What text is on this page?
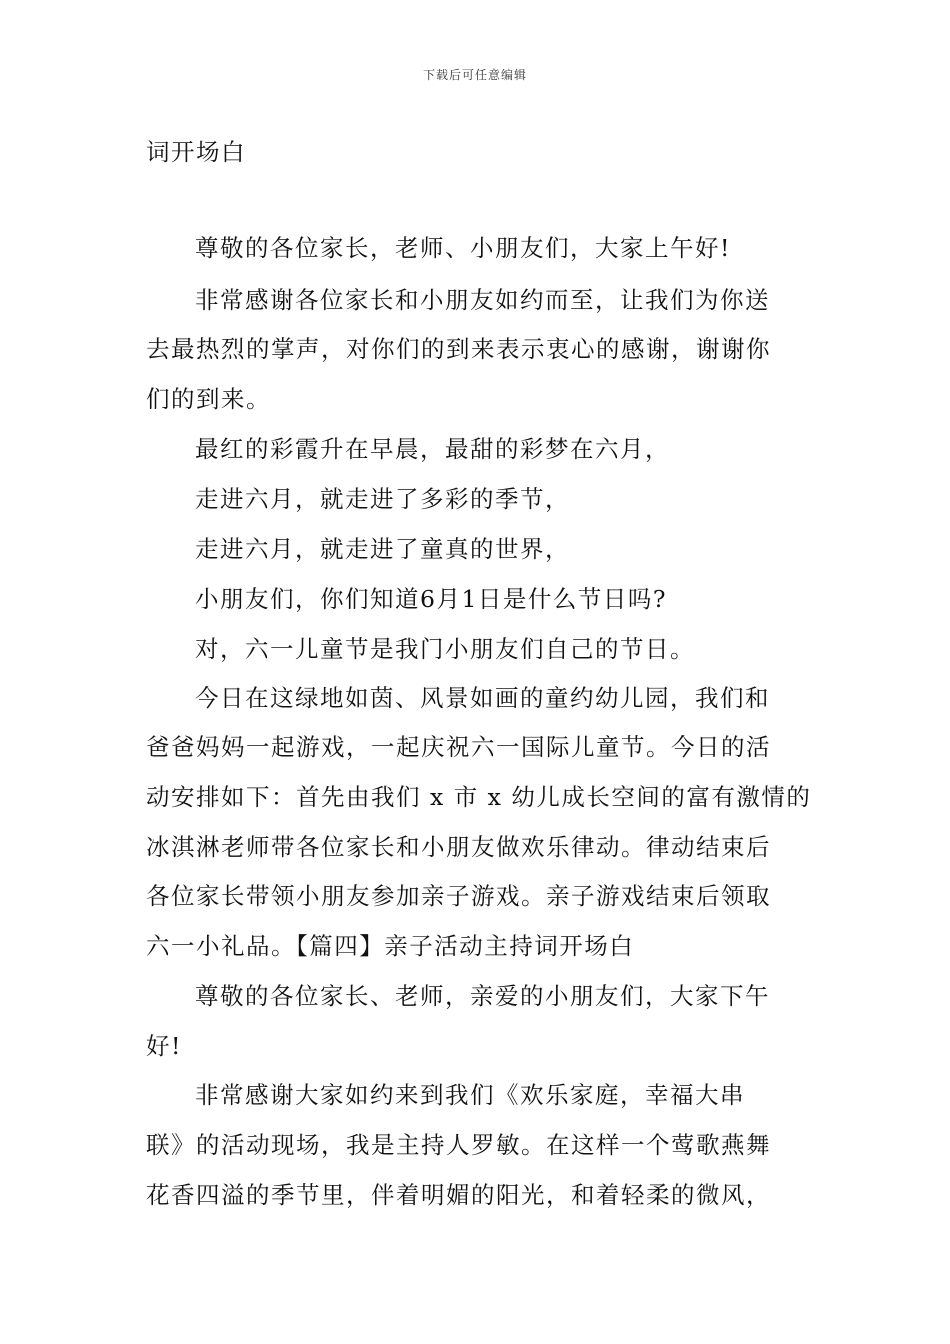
下载后可任意编辑
词开场白
尊敬的各位家长，老师、小朋友们，大家上午好!
非常感谢各位家长和小朋友如约而至，让我们为你送
去最热烈的掌声，对你们的到来表示衷心的感谢，谢谢你
们的到来。
最红的彩霞升在早晨，最甜的彩梦在六月，
走进六月，就走进了多彩的季节，
走进六月，就走进了童真的世界，
小朋友们，你们知道6月1日是什么节日吗?
对，六一儿童节是我门小朋友们自己的节日。
今日在这绿地如茵、风景如画的童约幼儿园，我们和
爸爸妈妈一起游戏，一起庆祝六一国际儿童节。今日的活
动安排如下：首先由我们 x 市 x 幼儿成长空间的富有激情的
冰淇淋老师带各位家长和小朋友做欢乐律动。律动结束后
各位家长带领小朋友参加亲子游戏。亲子游戏结束后领取
六一小礼品。【篇四】亲子活动主持词开场白
尊敬的各位家长、老师，亲爱的小朋友们，大家下午
好!
非常感谢大家如约来到我们《欢乐家庭，幸福大串
联》的活动现场，我是主持人罗敏。在这样一个莺歌燕舞
花香四溢的季节里，伴着明媚的阳光，和着轻柔的微风，
